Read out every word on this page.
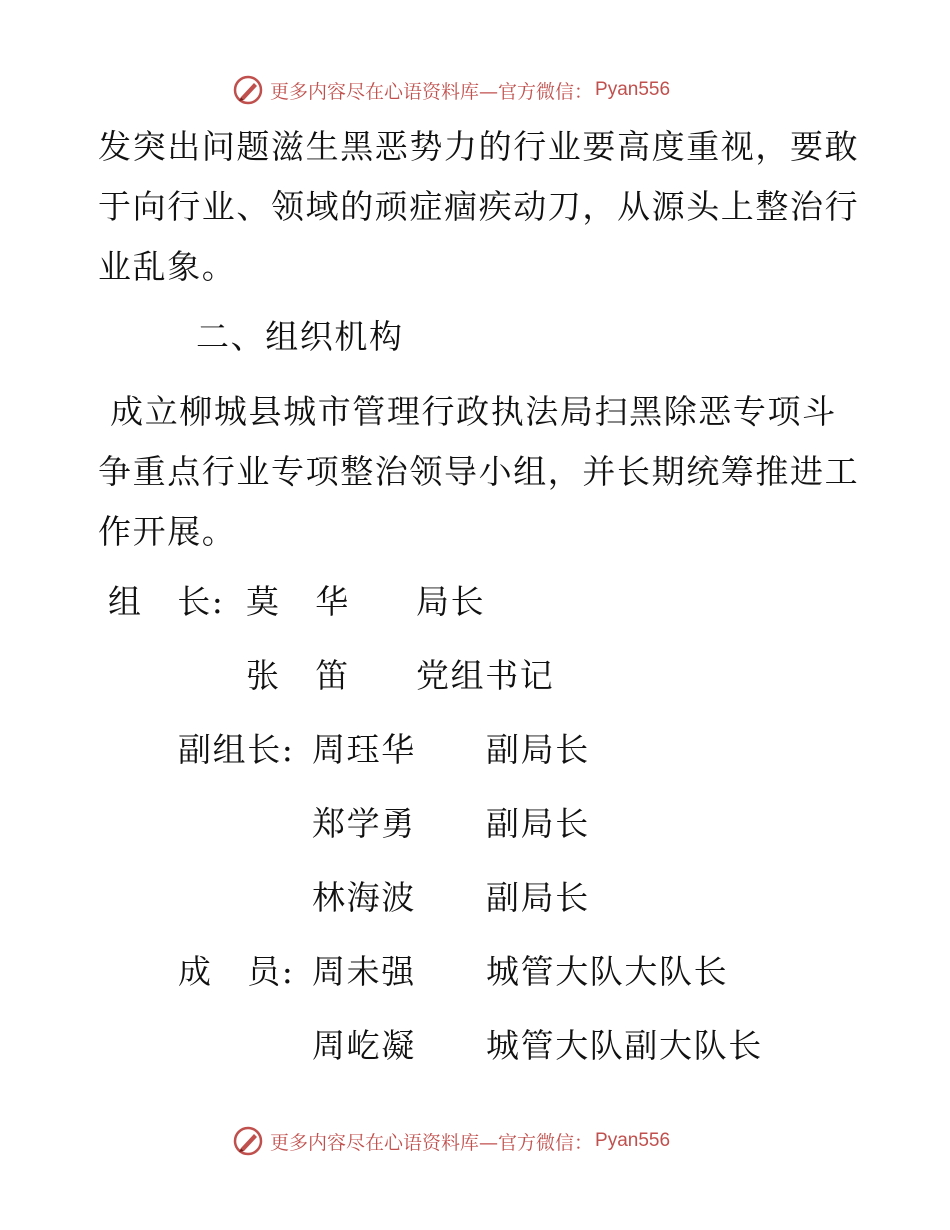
更多内容尽在心语资料库—官方微信： Pyan556
发突出问题滋生黑恶势力的行业要高度重视，要敢
于向行业、领域的顽症痼疾动刀，从源头上整治行
业乱象。
二、组织机构
成立柳城县城市管理行政执法局扫黑除恶专项斗
争重点行业专项整治领导小组，并长期统筹推进工
作开展。
组　长: 莫　华 局长
张　笛 党组书记
副组长: 周珏华 副局长
郑学勇 副局长
林海波 副局长
成　员: 周未强 城管大队大队长
周屹凝 城管大队副大队长
更多内容尽在心语资料库—官方微信： Pyan556
